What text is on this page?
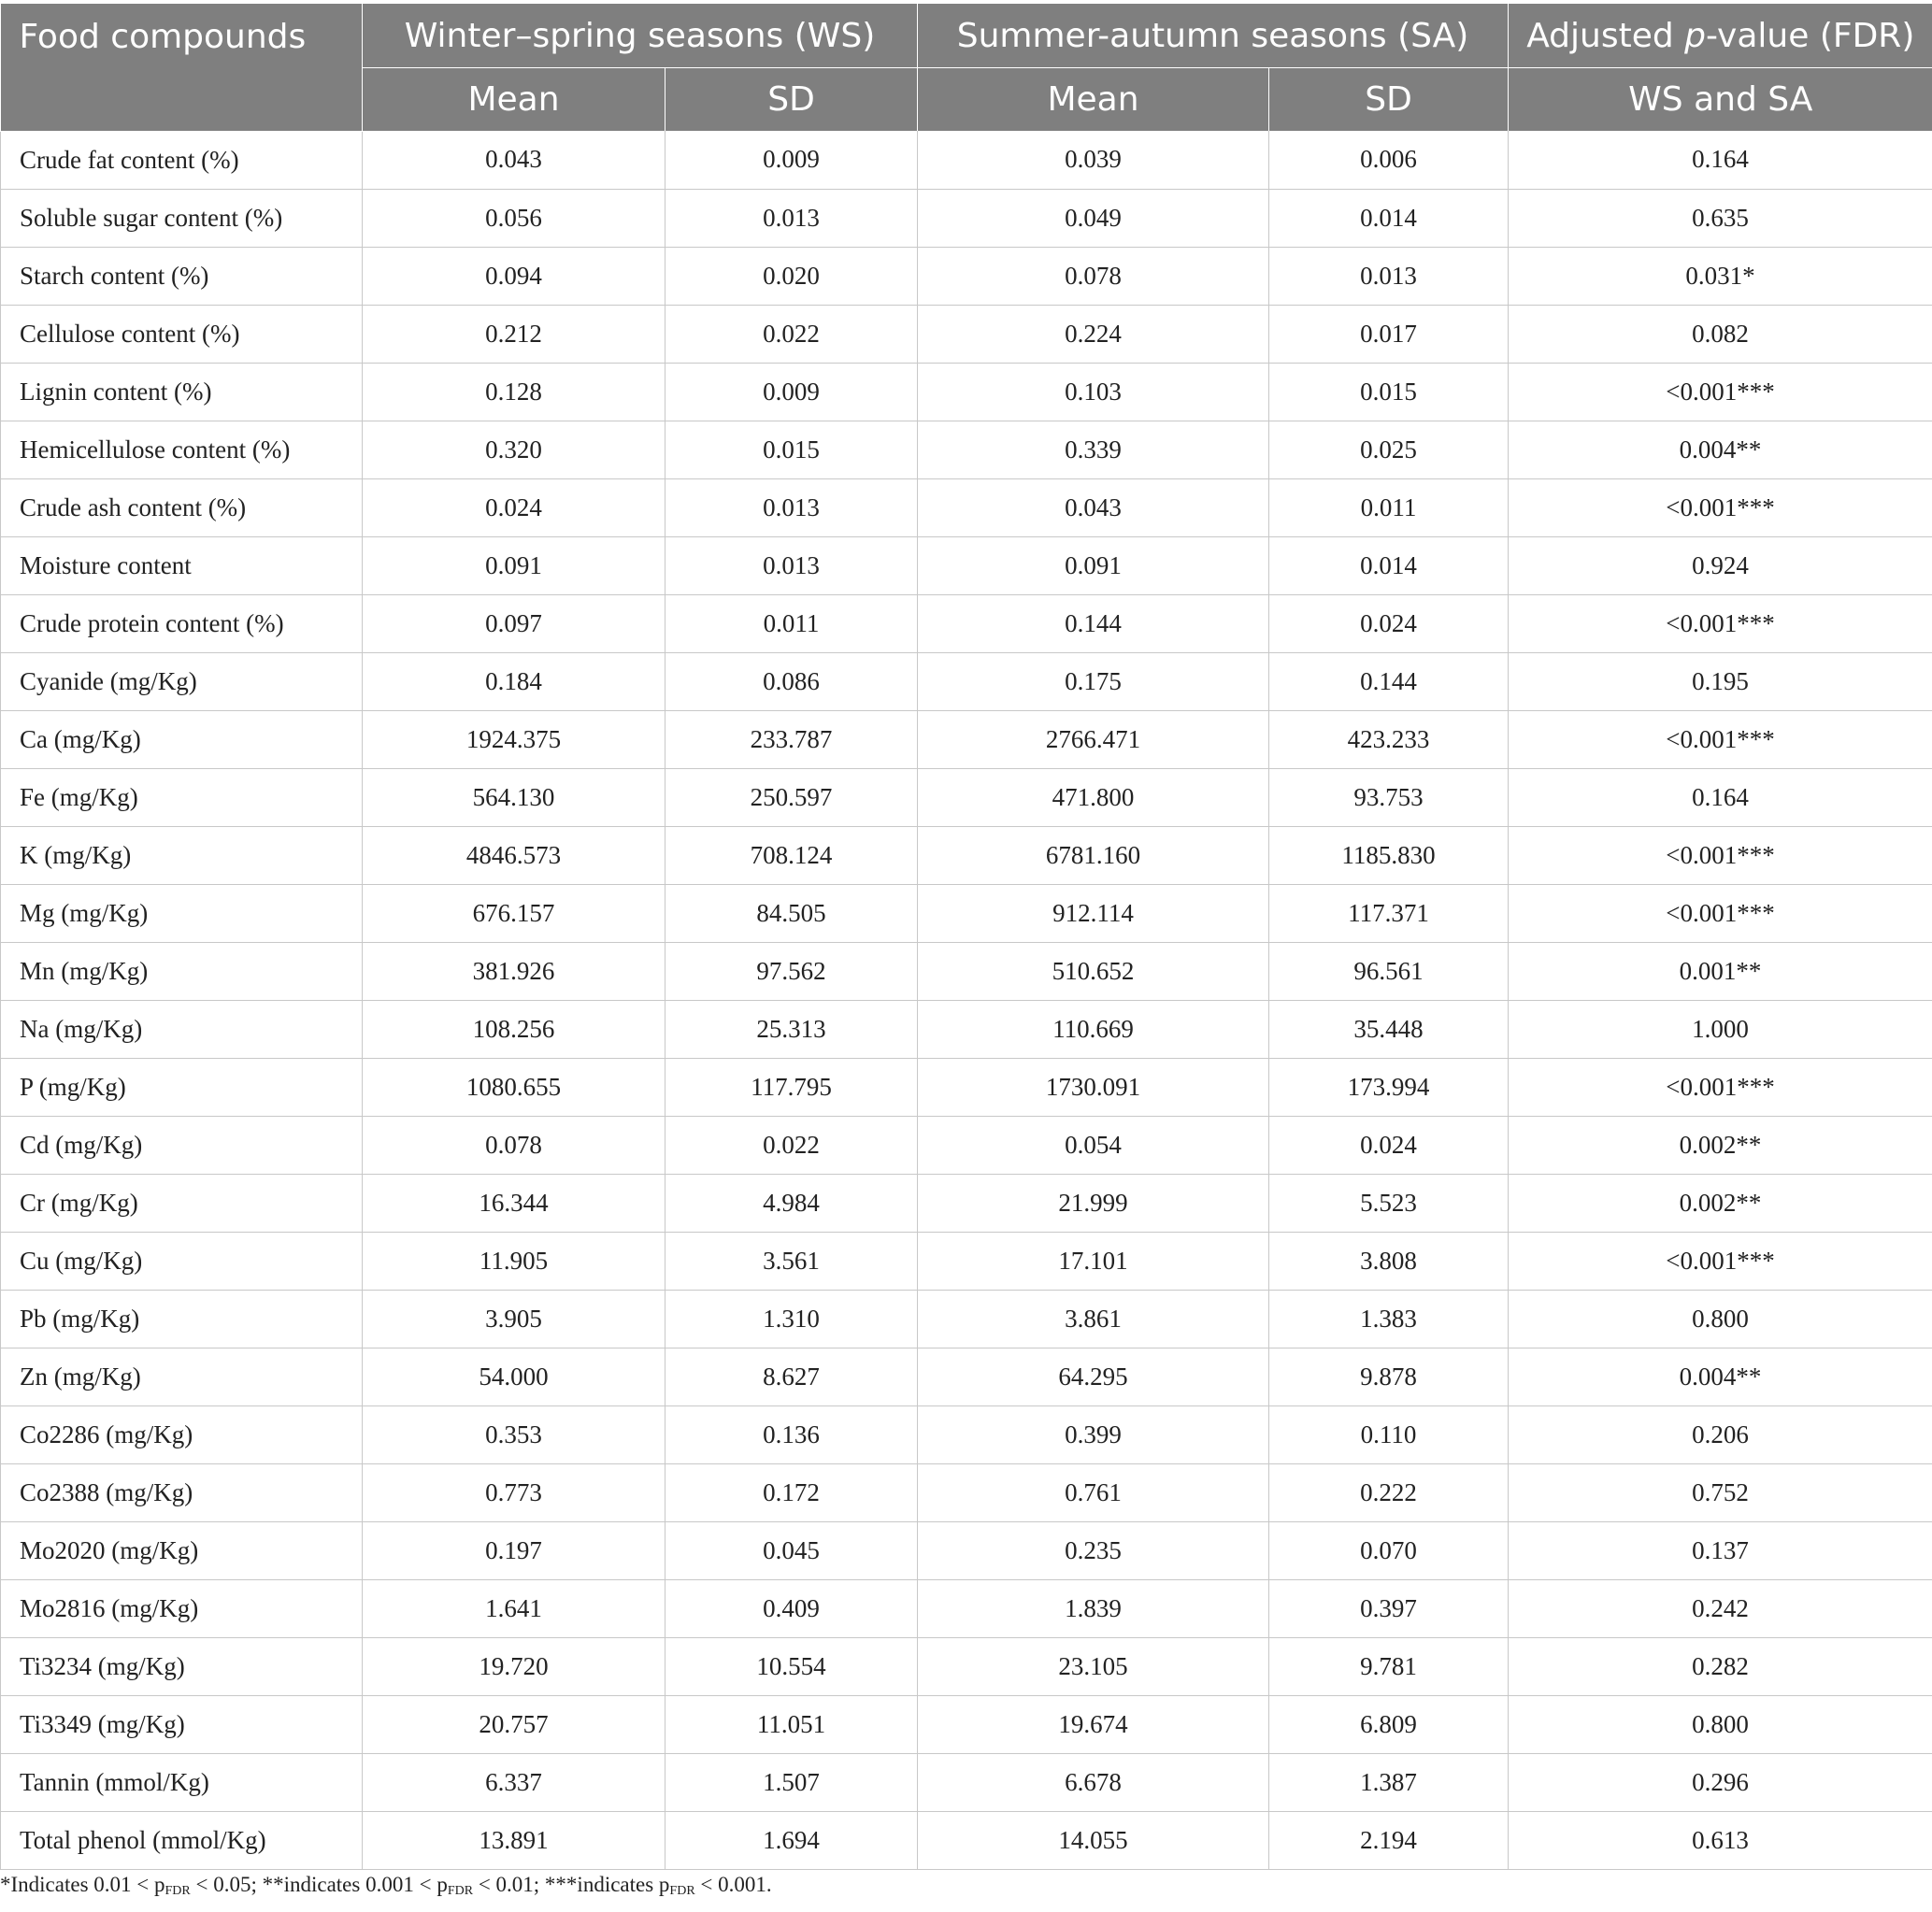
Food compounds	Winter–spring seasons (WS)		Summer-autumn seasons (SA)		Adjusted p-value (FDR)
	Mean	SD	Mean	SD	WS and SA
Crude fat content (%)	0.043	0.009	0.039	0.006	0.164
Soluble sugar content (%)	0.056	0.013	0.049	0.014	0.635
Starch content (%)	0.094	0.020	0.078	0.013	0.031*
Cellulose content (%)	0.212	0.022	0.224	0.017	0.082
Lignin content (%)	0.128	0.009	0.103	0.015	<0.001***
Hemicellulose content (%)	0.320	0.015	0.339	0.025	0.004**
Crude ash content (%)	0.024	0.013	0.043	0.011	<0.001***
Moisture content	0.091	0.013	0.091	0.014	0.924
Crude protein content (%)	0.097	0.011	0.144	0.024	<0.001***
Cyanide (mg/Kg)	0.184	0.086	0.175	0.144	0.195
Ca (mg/Kg)	1924.375	233.787	2766.471	423.233	<0.001***
Fe (mg/Kg)	564.130	250.597	471.800	93.753	0.164
K (mg/Kg)	4846.573	708.124	6781.160	1185.830	<0.001***
Mg (mg/Kg)	676.157	84.505	912.114	117.371	<0.001***
Mn (mg/Kg)	381.926	97.562	510.652	96.561	0.001**
Na (mg/Kg)	108.256	25.313	110.669	35.448	1.000
P (mg/Kg)	1080.655	117.795	1730.091	173.994	<0.001***
Cd (mg/Kg)	0.078	0.022	0.054	0.024	0.002**
Cr (mg/Kg)	16.344	4.984	21.999	5.523	0.002**
Cu (mg/Kg)	11.905	3.561	17.101	3.808	<0.001***
Pb (mg/Kg)	3.905	1.310	3.861	1.383	0.800
Zn (mg/Kg)	54.000	8.627	64.295	9.878	0.004**
Co2286 (mg/Kg)	0.353	0.136	0.399	0.110	0.206
Co2388 (mg/Kg)	0.773	0.172	0.761	0.222	0.752
Mo2020 (mg/Kg)	0.197	0.045	0.235	0.070	0.137
Mo2816 (mg/Kg)	1.641	0.409	1.839	0.397	0.242
Ti3234 (mg/Kg)	19.720	10.554	23.105	9.781	0.282
Ti3349 (mg/Kg)	20.757	11.051	19.674	6.809	0.800
Tannin (mmol/Kg)	6.337	1.507	6.678	1.387	0.296
Total phenol (mmol/Kg)	13.891	1.694	14.055	2.194	0.613
*Indicates $0.01 < p_{FDR} < 0.05$; **indicates $0.001 < p_{FDR} < 0.01$; ***indicates $p_{FDR} < 0.001$.
